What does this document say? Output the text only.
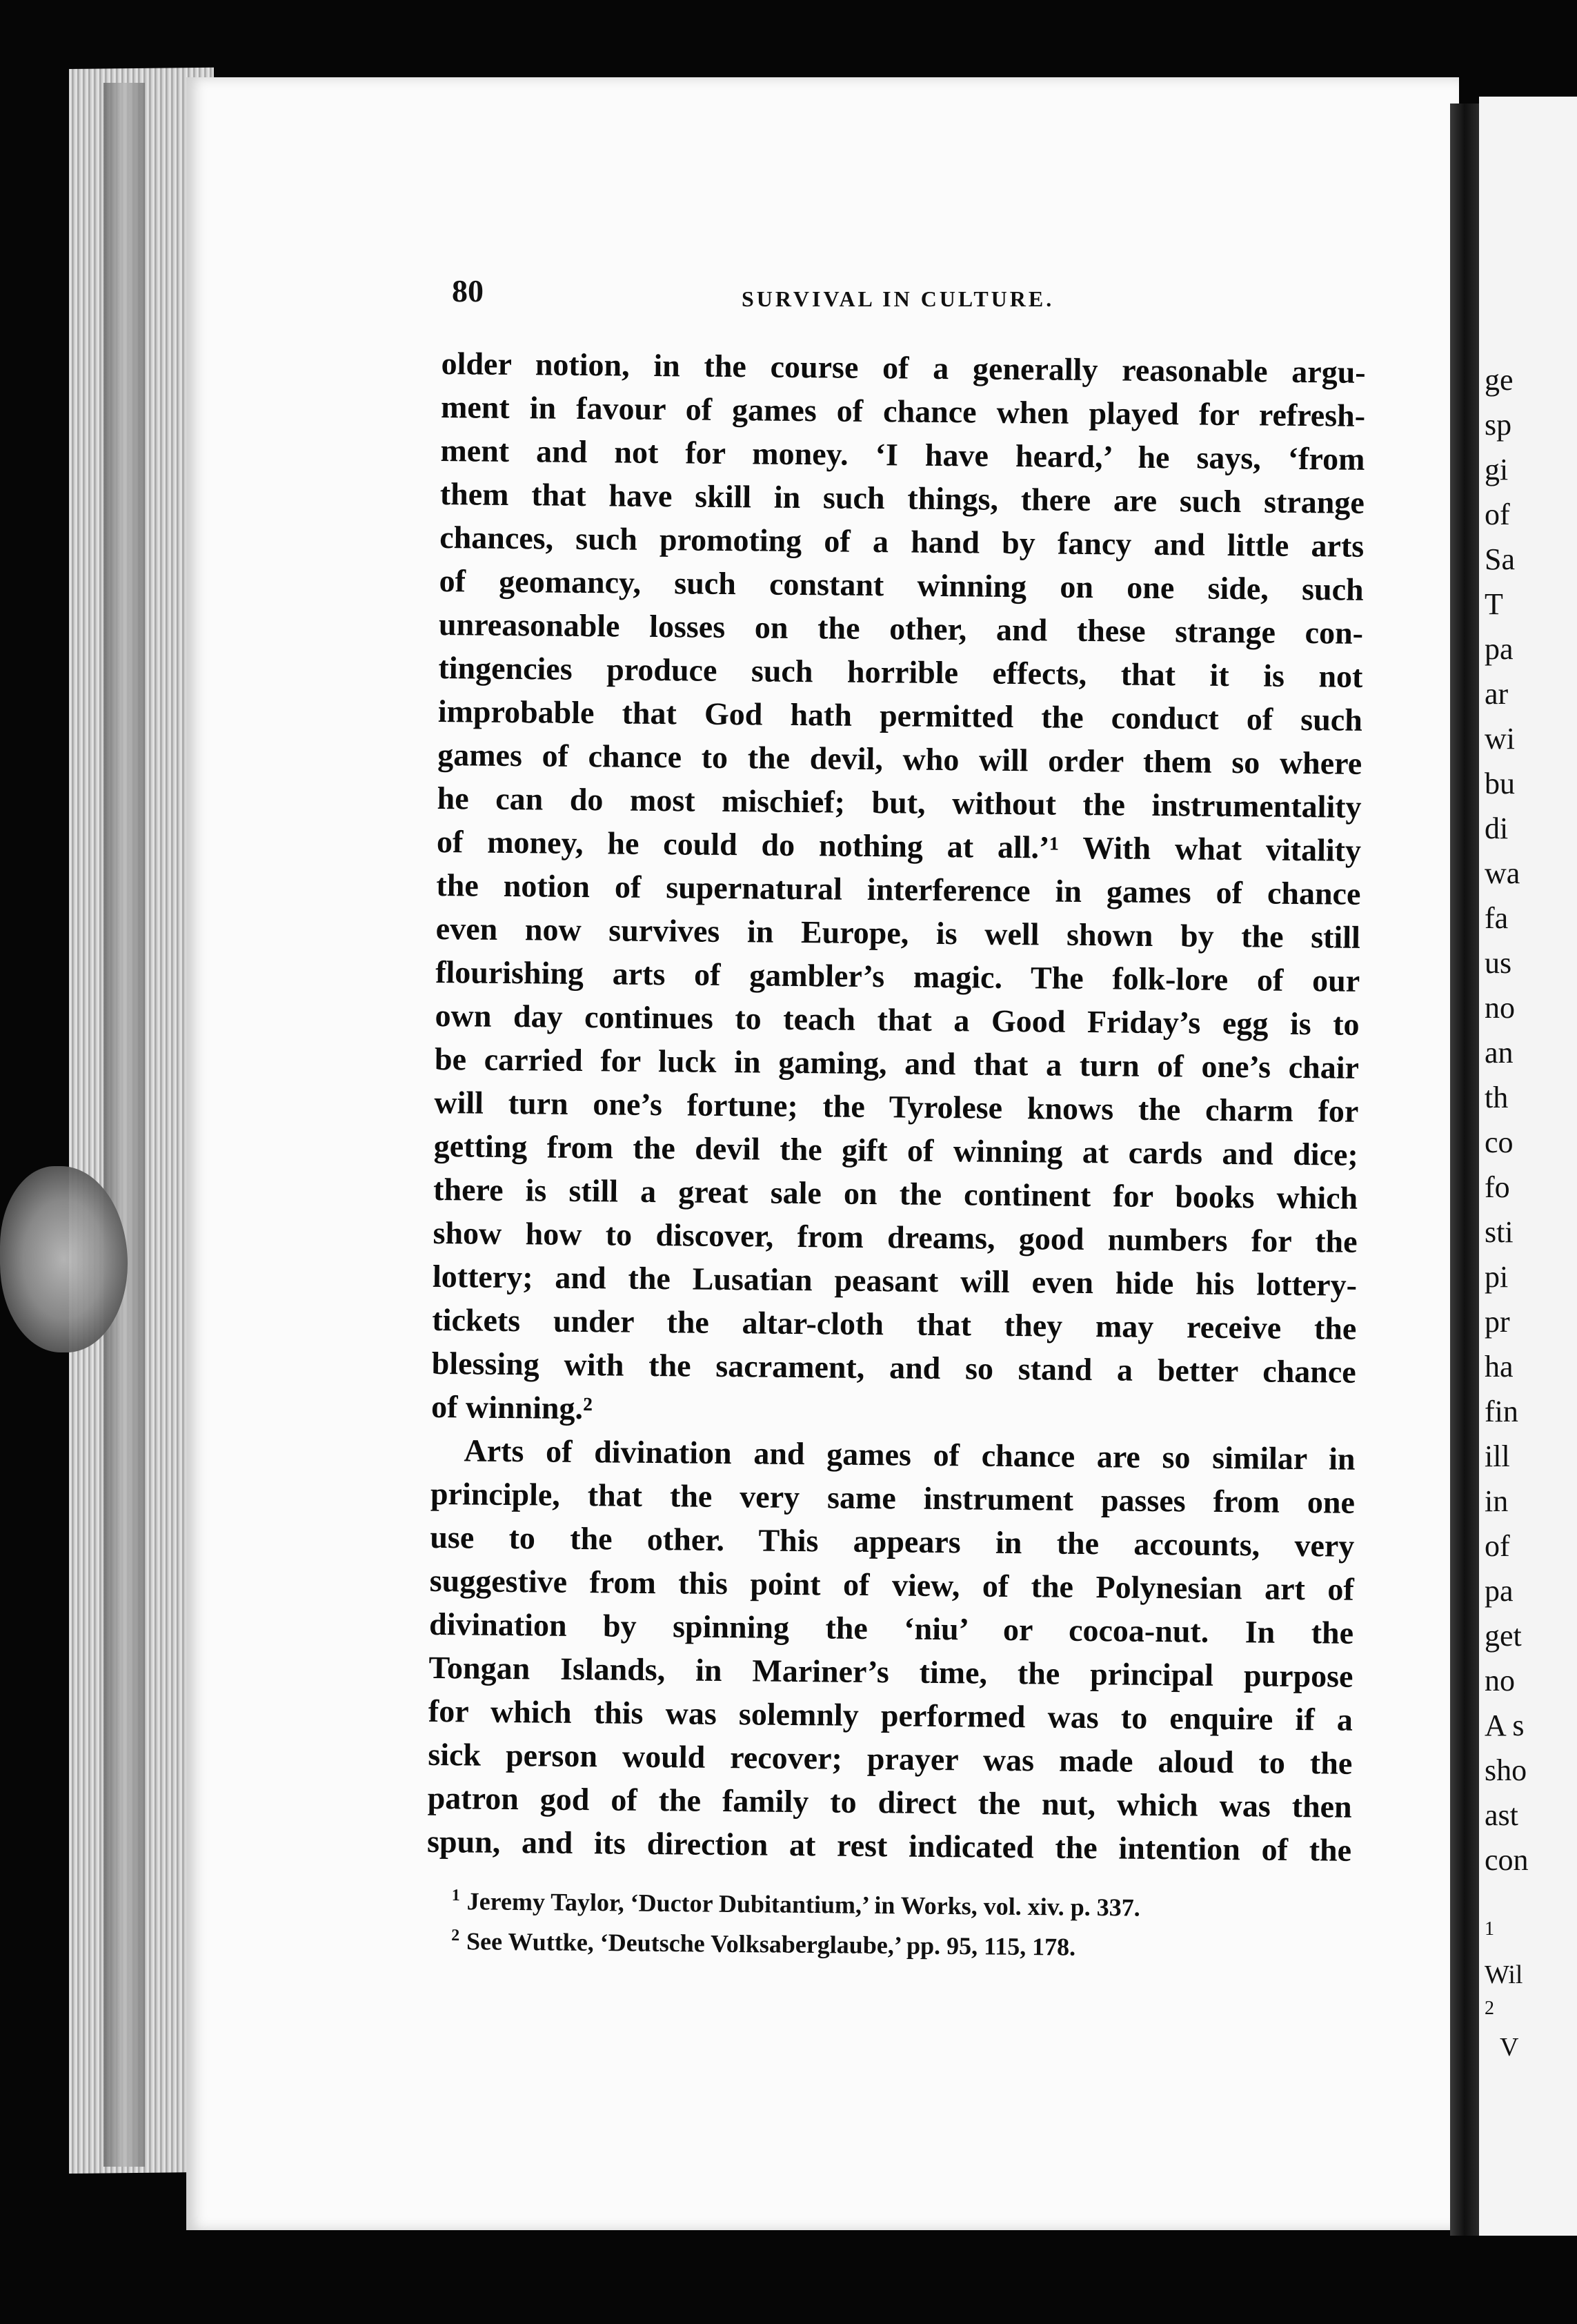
80	SURVIVAL IN CULTURE.
older notion, in the course of a generally reasonable argu-
ment in favour of games of chance when played for refresh-
ment and not for money. ‘I have heard,’ he says, ‘from
them that have skill in such things, there are such strange
chances, such promoting of a hand by fancy and little arts
of geomancy, such constant winning on one side, such
unreasonable losses on the other, and these strange con-
tingencies produce such horrible effects, that it is not
improbable that God hath permitted the conduct of such
games of chance to the devil, who will order them so where
he can do most mischief; but, without the instrumentality
of money, he could do nothing at all.’¹ With what vitality
the notion of supernatural interference in games of chance
even now survives in Europe, is well shown by the still
flourishing arts of gambler’s magic. The folk-lore of our
own day continues to teach that a Good Friday’s egg is to
be carried for luck in gaming, and that a turn of one’s chair
will turn one’s fortune; the Tyrolese knows the charm for
getting from the devil the gift of winning at cards and dice;
there is still a great sale on the continent for books which
show how to discover, from dreams, good numbers for the
lottery; and the Lusatian peasant will even hide his lottery-
tickets under the altar-cloth that they may receive the
blessing with the sacrament, and so stand a better chance
of winning.²
Arts of divination and games of chance are so similar in
principle, that the very same instrument passes from one
use to the other. This appears in the accounts, very
suggestive from this point of view, of the Polynesian art of
divination by spinning the ‘niu’ or cocoa-nut. In the
Tongan Islands, in Mariner’s time, the principal purpose
for which this was solemnly performed was to enquire if a
sick person would recover; prayer was made aloud to the
patron god of the family to direct the nut, which was then
spun, and its direction at rest indicated the intention of the
$^1$ Jeremy Taylor, ‘Ductor Dubitantium,’ in Works, vol. xiv. p. 337.
$^2$ See Wuttke, ‘Deutsche Volksaberglaube,’ pp. 95, 115, 178.
ge
sp
gi
of
Sa
T
pa
ar
wi
bu
di
wa
fa
us
no
an
th
co
fo
sti
pi
pr
ha
fin
ill
in
of
pa
get
no
A s
sho
ast
con
1
Wil
2
V
